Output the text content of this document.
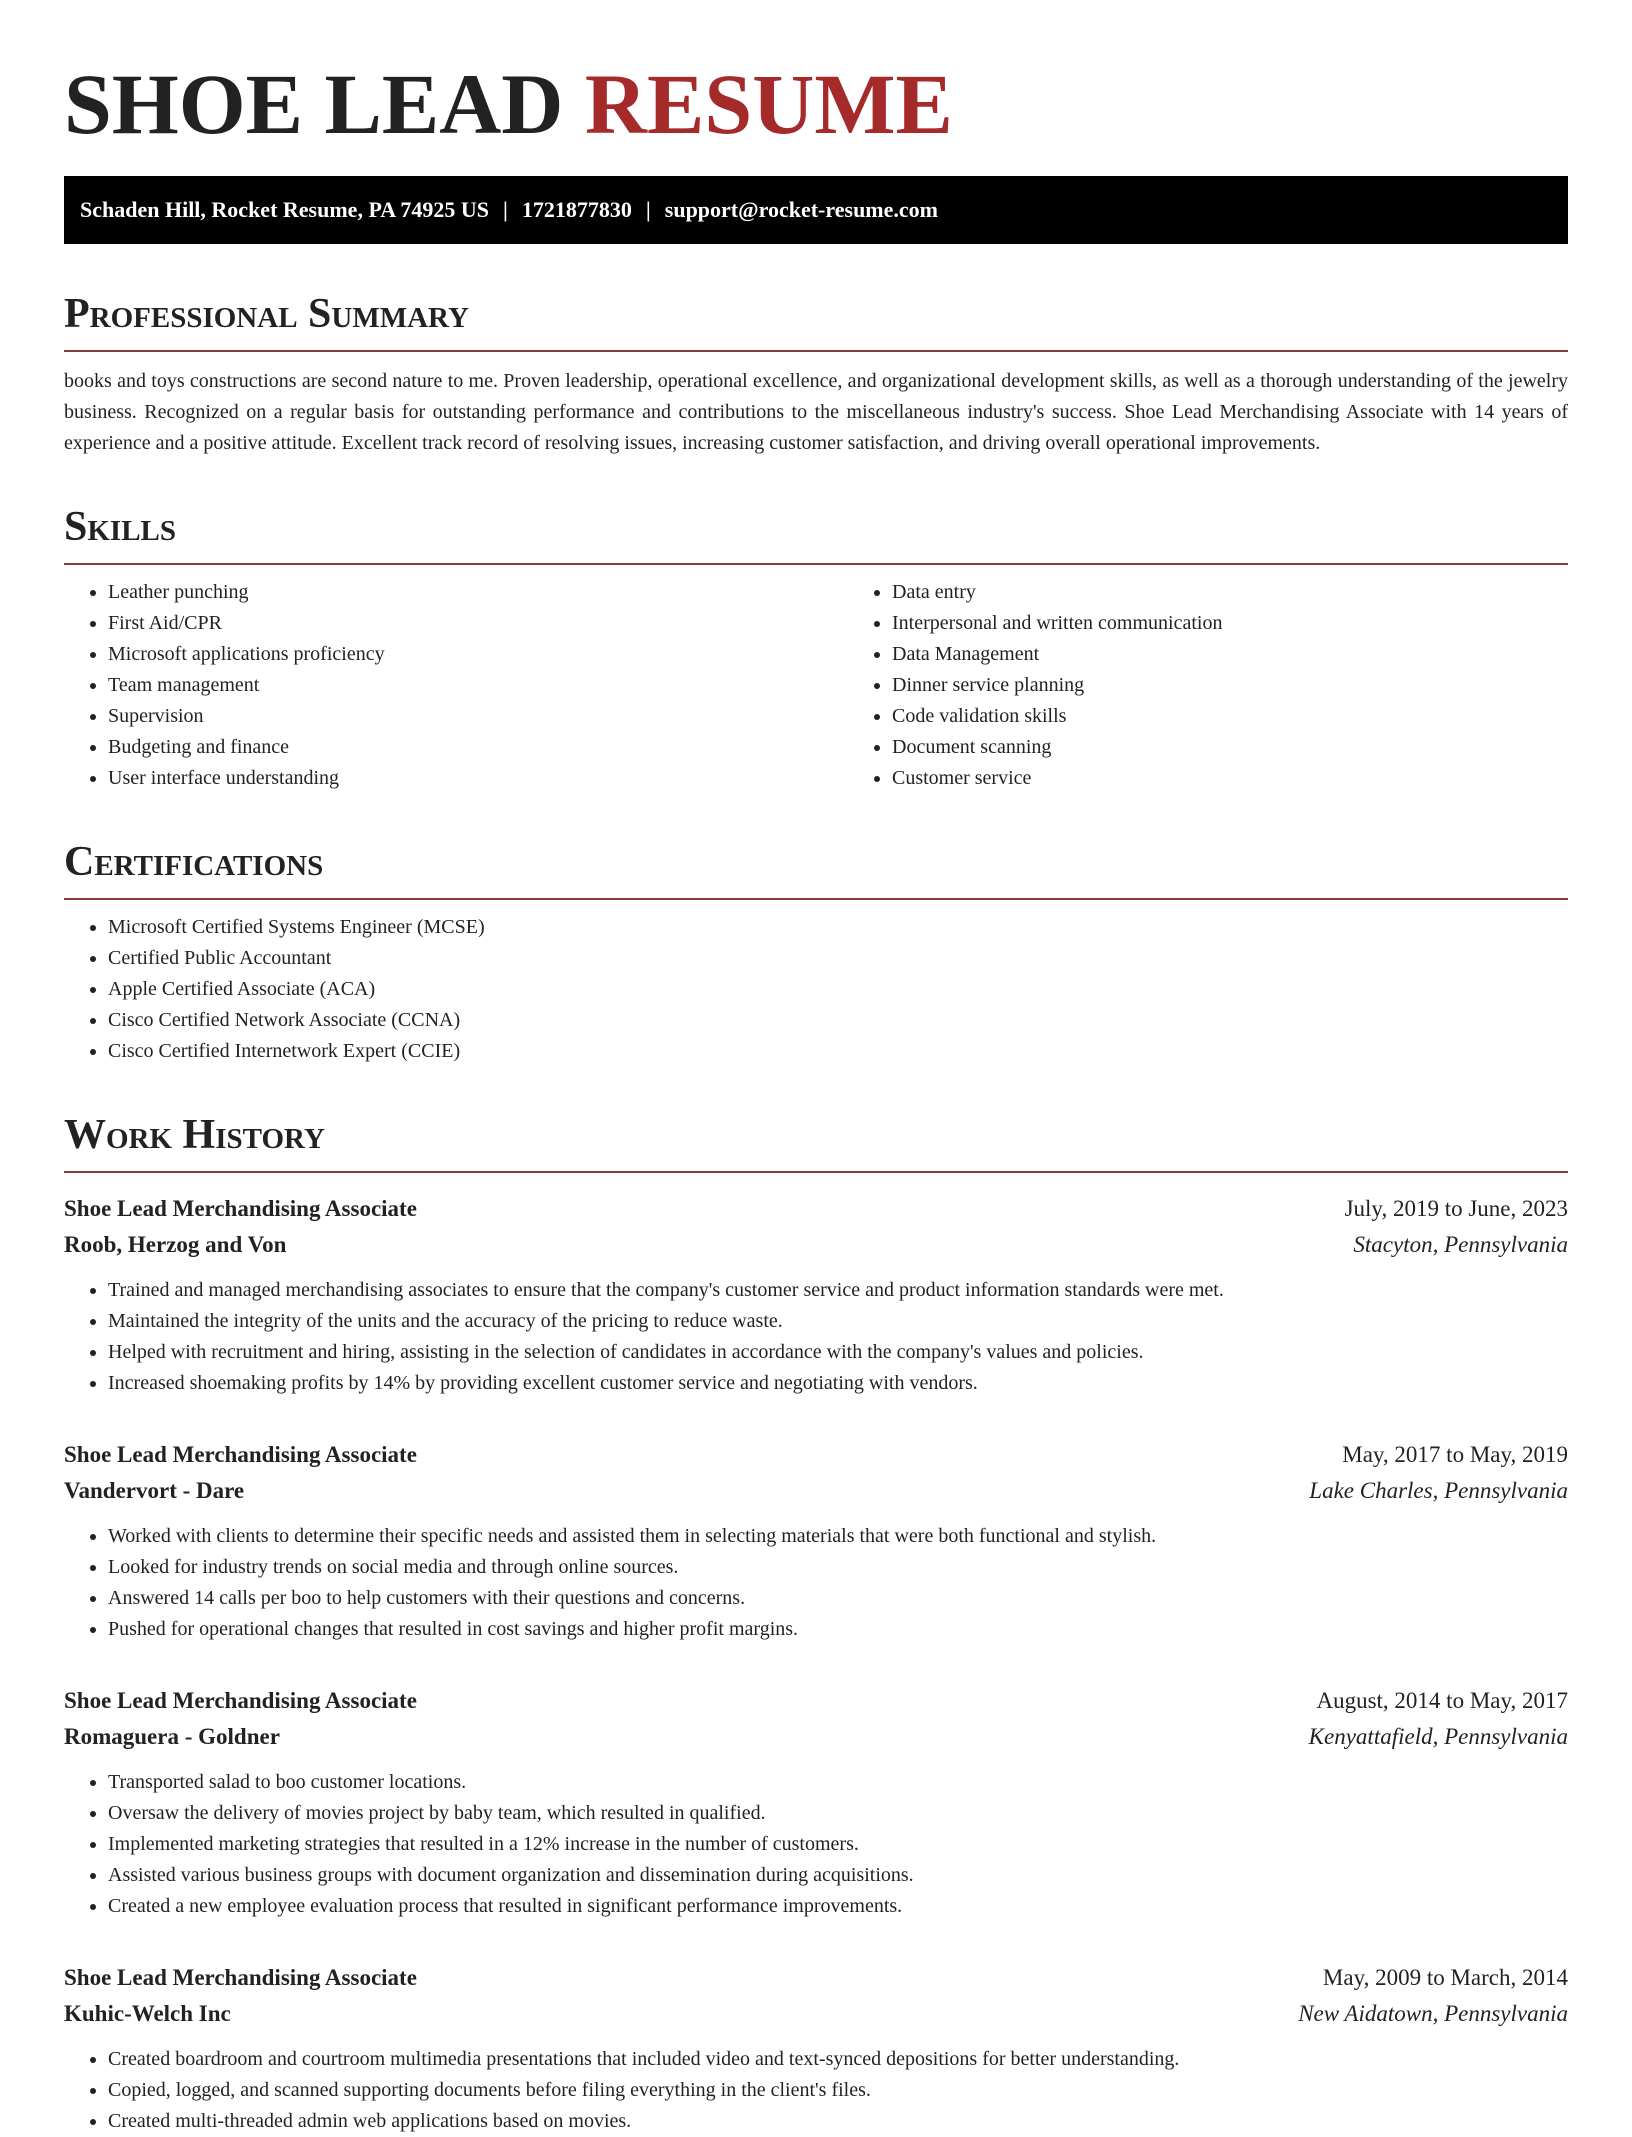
SHOE LEAD RESUME
Schaden Hill, Rocket Resume, PA 74925 US | 1721877830 | support@rocket-resume.com
Professional Summary

books and toys constructions are second nature to me. Proven leadership, operational excellence, and organizational development skills, as well as a thorough understanding of the jewelry business. Recognized on a regular basis for outstanding performance and contributions to the miscellaneous industry's success. Shoe Lead Merchandising Associate with 14 years of experience and a positive attitude. Excellent track record of resolving issues, increasing customer satisfaction, and driving overall operational improvements.

Skills
• Leather punching
• First Aid/CPR
• Microsoft applications proficiency
• Team management
• Supervision
• Budgeting and finance
• User interface understanding
• Data entry
• Interpersonal and written communication
• Data Management
• Dinner service planning
• Code validation skills
• Document scanning
• Customer service
Certifications
• Microsoft Certified Systems Engineer (MCSE)
• Certified Public Accountant
• Apple Certified Associate (ACA)
• Cisco Certified Network Associate (CCNA)
• Cisco Certified Internetwork Expert (CCIE)
Work History
Shoe Lead Merchandising Associate	July, 2019 to June, 2023
Roob, Herzog and Von	Stacyton, Pennsylvania
• Trained and managed merchandising associates to ensure that the company's customer service and product information standards were met.
• Maintained the integrity of the units and the accuracy of the pricing to reduce waste.
• Helped with recruitment and hiring, assisting in the selection of candidates in accordance with the company's values and policies.
• Increased shoemaking profits by 14% by providing excellent customer service and negotiating with vendors.
Shoe Lead Merchandising Associate	May, 2017 to May, 2019
Vandervort - Dare	Lake Charles, Pennsylvania
• Worked with clients to determine their specific needs and assisted them in selecting materials that were both functional and stylish.
• Looked for industry trends on social media and through online sources.
• Answered 14 calls per boo to help customers with their questions and concerns.
• Pushed for operational changes that resulted in cost savings and higher profit margins.
Shoe Lead Merchandising Associate	August, 2014 to May, 2017
Romaguera - Goldner	Kenyattafield, Pennsylvania
• Transported salad to boo customer locations.
• Oversaw the delivery of movies project by baby team, which resulted in qualified.
• Implemented marketing strategies that resulted in a 12% increase in the number of customers.
• Assisted various business groups with document organization and dissemination during acquisitions.
• Created a new employee evaluation process that resulted in significant performance improvements.
Shoe Lead Merchandising Associate	May, 2009 to March, 2014
Kuhic-Welch Inc	New Aidatown, Pennsylvania
• Created boardroom and courtroom multimedia presentations that included video and text-synced depositions for better understanding.
• Copied, logged, and scanned supporting documents before filing everything in the client's files.
• Created multi-threaded admin web applications based on movies.
